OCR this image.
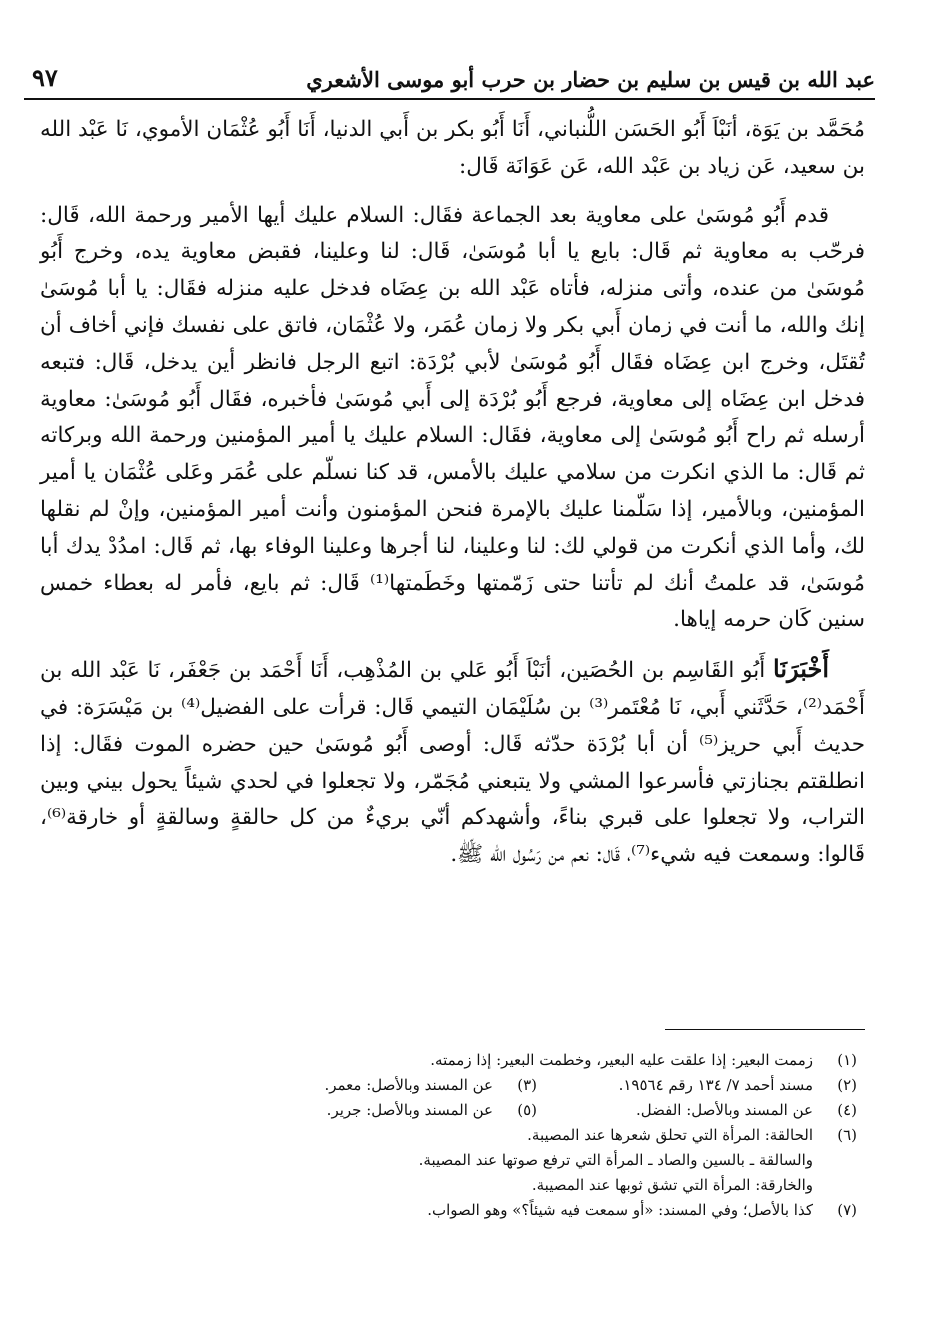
عبد الله بن قيس بن سليم بن حضار بن حرب أبو موسى الأشعري
٩٧

مُحَمَّد بن يَوَة، أنَبْاَ أَبُو الحَسَن اللُّنباني، أَنَا أَبُو بكر بن أَبي الدنيا، أَنَا أَبُو عُثْمَان الأموي، نَا عَبْد الله بن سعيد، عَن زياد بن عَبْد الله، عَن عَوَانَة قَال:

قدم أَبُو مُوسَىٰ على معاوية بعد الجماعة فقَال: السلام عليك أيها الأمير ورحمة الله، قَال: فرحّب به معاوية ثم قَال: بايع يا أبا مُوسَىٰ، قَال: لنا وعلينا، فقبض معاوية يده، وخرج أَبُو مُوسَىٰ من عنده، وأتى منزله، فأتاه عَبْد الله بن عِضَاه فدخل عليه منزله فقَال: يا أبا مُوسَىٰ إنك والله، ما أنت في زمان أَبي بكر ولا زمان عُمَر، ولا عُثْمَان، فاتق على نفسك فإني أخاف أن تُقتَل، وخرج ابن عِضَاه فقَال أَبُو مُوسَىٰ لأبي بُرْدَة: اتبع الرجل فانظر أين يدخل، قَال: فتبعه فدخل ابن عِضَاه إلى معاوية، فرجع أَبُو بُرْدَة إلى أَبي مُوسَىٰ فأخبره، فقَال أَبُو مُوسَىٰ: معاوية أرسله ثم راح أَبُو مُوسَىٰ إلى معاوية، فقَال: السلام عليك يا أمير المؤمنين ورحمة الله وبركاته ثم قَال: ما الذي انكرت من سلامي عليك بالأمس، قد كنا نسلّم على عُمَر وعَلى عُثْمَان يا أمير المؤمنين، وبالأمير، إذا سَلّمنا عليك بالإمرة فنحن المؤمنون وأنت أمير المؤمنين، وإنْ لم نقلها لك، وأما الذي أنكرت من قولي لك: لنا وعلينا، لنا أجرها وعلينا الوفاء بها، ثم قَال: امدُدْ يدك أبا مُوسَىٰ، قد علمتُ أنك لم تأتنا حتى زَمّمتها وخَطَمتها⁽¹⁾ قَال: ثم بايع، فأمر له بعطاء خمس سنين كَان حرمه إياها.

أَخْبَرَنَا أَبُو القَاسِم بن الحُصَين، أنَبْاَ أَبُو عَلي بن المُذْهِب، أَنَا أَحْمَد بن جَعْفَر، نَا عَبْد الله بن أَحْمَد⁽²⁾، حَدَّثَني أَبي، نَا مُعْتَمر⁽³⁾ بن سُلَيْمَان التيمي قَال: قرأت على الفضيل⁽⁴⁾ بن مَيْسَرَة: في حديث أَبي حريز⁽⁵⁾ أن أبا بُرْدَة حدّثه قَال: أوصى أَبُو مُوسَىٰ حين حضره الموت فقَال: إذا انطلقتم بجنازتي فأسرعوا المشي ولا يتبعني مُجَمّر، ولا تجعلوا في لحدي شيئاً يحول بيني وبين التراب، ولا تجعلوا على قبري بناءً، وأشهدكم أنّي بريءٌ من كل حالقةٍ وسالقةٍ أو خارقة⁽⁶⁾، قَالوا: وسمعت فيه شيء⁽⁷⁾، قَال: نعم من رَسُول الله ﷺ.

(١)
زممت البعير: إذا علقت عليه البعير، وخطمت البعير: إذا زممته.
(٢)
مسند أحمد ٧/ ١٣٤ رقم ١٩٥٦٤.
(٣)
عن المسند وبالأصل: معمر.
(٤)
عن المسند وبالأصل: الفضل.
(٥)
عن المسند وبالأصل: جرير.
(٦)
الحالقة: المرأة التي تحلق شعرها عند المصيبة.
والسالقة ـ بالسين والصاد ـ المرأة التي ترفع صوتها عند المصيبة.
والخارقة: المرأة التي تشق ثوبها عند المصيبة.
(٧)
كذا بالأصل؛ وفي المسند: «أو سمعت فيه شيئاً؟» وهو الصواب.
